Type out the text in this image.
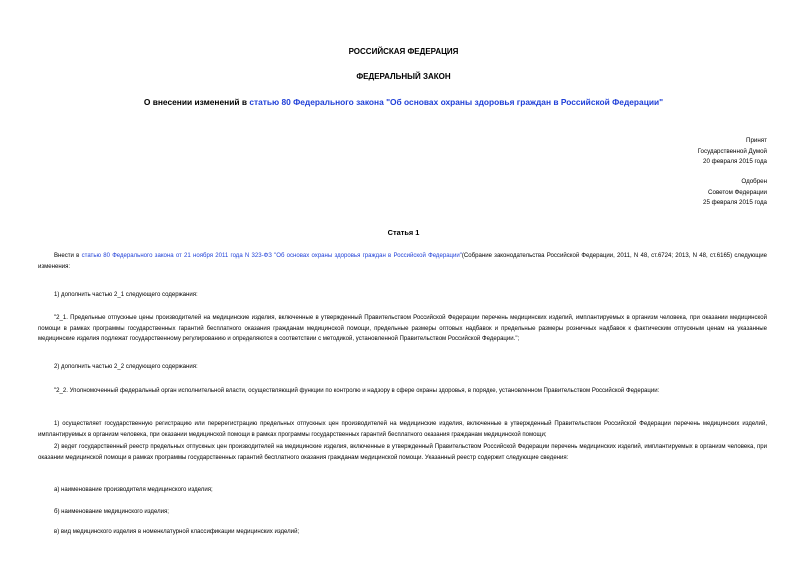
РОССИЙСКАЯ ФЕДЕРАЦИЯ
ФЕДЕРАЛЬНЫЙ ЗАКОН
О внесении изменений в статью 80 Федерального закона "Об основах охраны здоровья граждан в Российской Федерации"
Принят
Государственной Думой
20 февраля 2015 года
Одобрен
Советом Федерации
25 февраля 2015 года
Статья 1
Внести в статью 80 Федерального закона от 21 ноября 2011 года N 323-ФЗ "Об основах охраны здоровья граждан в Российской Федерации"(Собрание законодательства Российской Федерации, 2011, N 48, ст.6724; 2013, N 48, ст.6165) следующие изменения:
1) дополнить частью 2_1 следующего содержания:
"2_1. Предельные отпускные цены производителей на медицинские изделия, включенные в утвержденный Правительством Российской Федерации перечень медицинских изделий, имплантируемых в организм человека, при оказании медицинской помощи в рамках программы государственных гарантий бесплатного оказания гражданам медицинской помощи, предельные размеры оптовых надбавок и предельные размеры розничных надбавок к фактическим отпускным ценам на указанные медицинские изделия подлежат государственному регулированию и определяются в соответствии с методикой, установленной Правительством Российской Федерации.";
2) дополнить частью 2_2 следующего содержания:
"2_2. Уполномоченный федеральный орган исполнительной власти, осуществляющий функции по контролю и надзору в сфере охраны здоровья, в порядке, установленном Правительством Российской Федерации:
1) осуществляет государственную регистрацию или перерегистрацию предельных отпускных цен производителей на медицинские изделия, включенные в утвержденный Правительством Российской Федерации перечень медицинских изделий, имплантируемых в организм человека, при оказании медицинской помощи в рамках программы государственных гарантий бесплатного оказания гражданам медицинской помощи;
2) ведет государственный реестр предельных отпускных цен производителей на медицинские изделия, включенные в утвержденный Правительством Российской Федерации перечень медицинских изделий, имплантируемых в организм человека, при оказании медицинской помощи в рамках программы государственных гарантий бесплатного оказания гражданам медицинской помощи. Указанный реестр содержит следующие сведения:
а) наименование производителя медицинского изделия;
б) наименование медицинского изделия;
в) вид медицинского изделия в номенклатурной классификации медицинских изделий;
